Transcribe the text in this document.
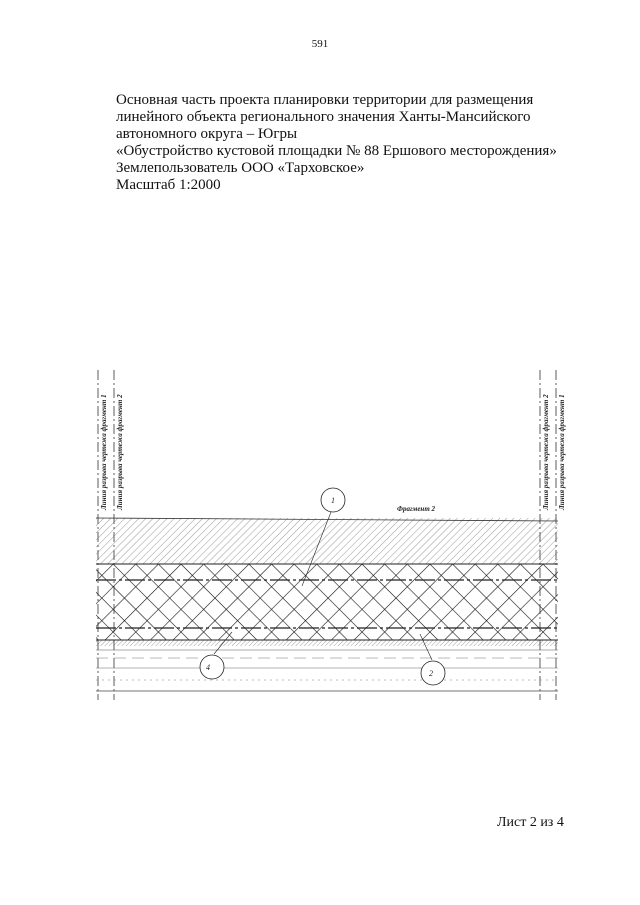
591
Основная часть проекта планировки территории для размещения
линейного объекта регионального значения Ханты-Мансийского
автономного округа – Югры
«Обустройство кустовой площадки № 88 Ершового месторождения»
Землепользователь ООО «Тарховское»
Масштаб 1:2000
Линия разрыва чертежа фрагмент 1 Линия разрыва чертежа фрагмент 2	Линия разрыва чертежа фрагмент 2 Линия разрыва чертежа фрагмент 1
Фрагмент 2
1
4
2
Лист 2 из 4
